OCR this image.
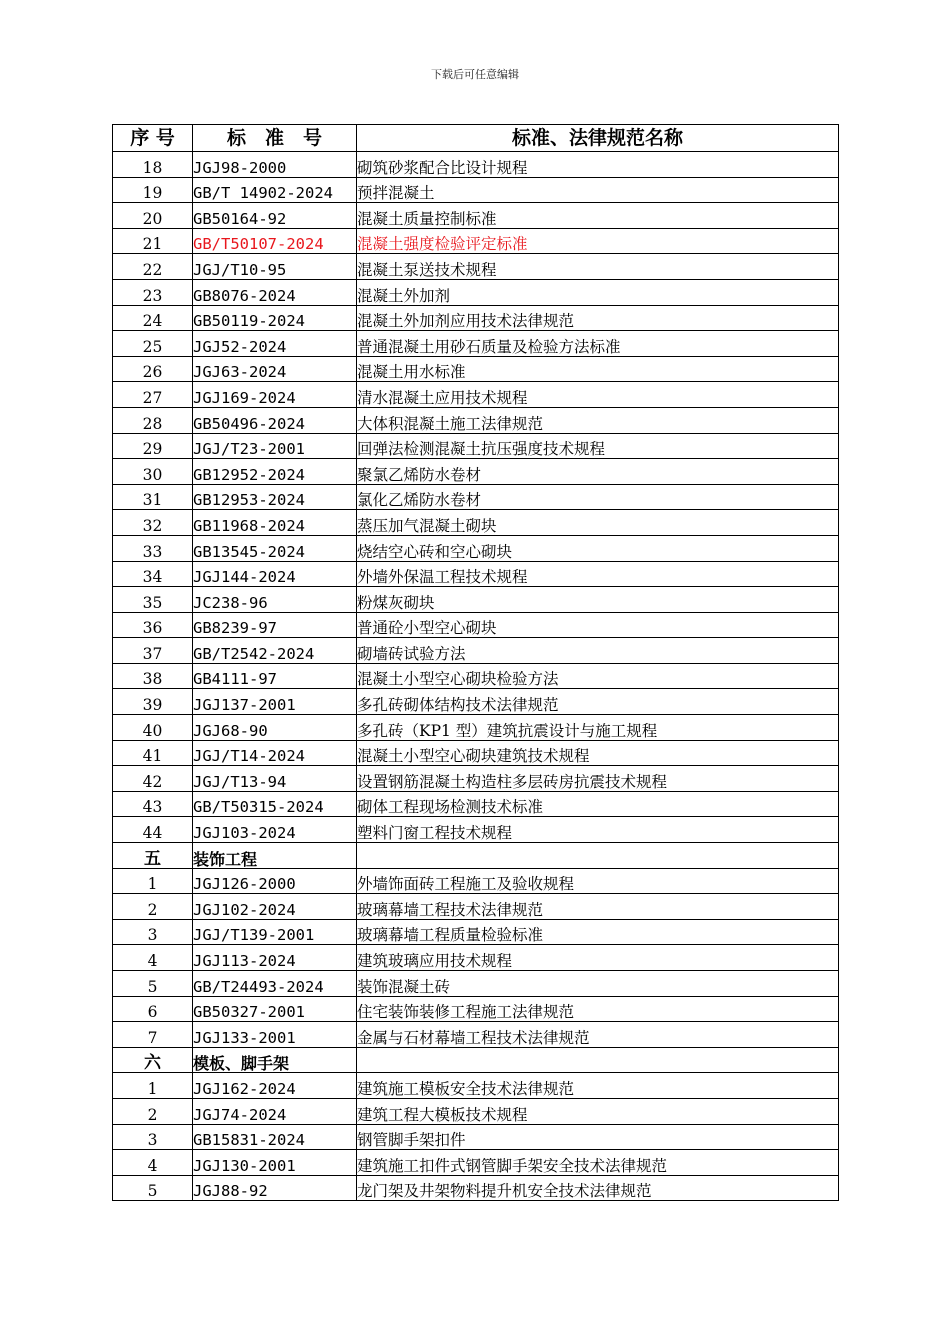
下载后可任意编辑
序 号	标　准　号	标准、法律规范名称
18	JGJ98-2000	砌筑砂浆配合比设计规程
19	GB/T 14902-2024	预拌混凝土
20	GB50164-92	混凝土质量控制标准
21	GB/T50107-2024	混凝土强度检验评定标准
22	JGJ/T10-95	混凝土泵送技术规程
23	GB8076-2024	混凝土外加剂
24	GB50119-2024	混凝土外加剂应用技术法律规范
25	JGJ52-2024	普通混凝土用砂石质量及检验方法标准
26	JGJ63-2024	混凝土用水标准
27	JGJ169-2024	清水混凝土应用技术规程
28	GB50496-2024	大体积混凝土施工法律规范
29	JGJ/T23-2001	回弹法检测混凝土抗压强度技术规程
30	GB12952-2024	聚氯乙烯防水卷材
31	GB12953-2024	氯化乙烯防水卷材
32	GB11968-2024	蒸压加气混凝土砌块
33	GB13545-2024	烧结空心砖和空心砌块
34	JGJ144-2024	外墙外保温工程技术规程
35	JC238-96	粉煤灰砌块
36	GB8239-97	普通砼小型空心砌块
37	GB/T2542-2024	砌墙砖试验方法
38	GB4111-97	混凝土小型空心砌块检验方法
39	JGJ137-2001	多孔砖砌体结构技术法律规范
40	JGJ68-90	多孔砖（KP1 型）建筑抗震设计与施工规程
41	JGJ/T14-2024	混凝土小型空心砌块建筑技术规程
42	JGJ/T13-94	设置钢筋混凝土构造柱多层砖房抗震技术规程
43	GB/T50315-2024	砌体工程现场检测技术标准
44	JGJ103-2024	塑料门窗工程技术规程
五	装饰工程	
1	JGJ126-2000	外墙饰面砖工程施工及验收规程
2	JGJ102-2024	玻璃幕墙工程技术法律规范
3	JGJ/T139-2001	玻璃幕墙工程质量检验标准
4	JGJ113-2024	建筑玻璃应用技术规程
5	GB/T24493-2024	装饰混凝土砖
6	GB50327-2001	住宅装饰装修工程施工法律规范
7	JGJ133-2001	金属与石材幕墙工程技术法律规范
六	模板、脚手架	
1	JGJ162-2024	建筑施工模板安全技术法律规范
2	JGJ74-2024	建筑工程大模板技术规程
3	GB15831-2024	钢管脚手架扣件
4	JGJ130-2001	建筑施工扣件式钢管脚手架安全技术法律规范
5	JGJ88-92	龙门架及井架物料提升机安全技术法律规范
